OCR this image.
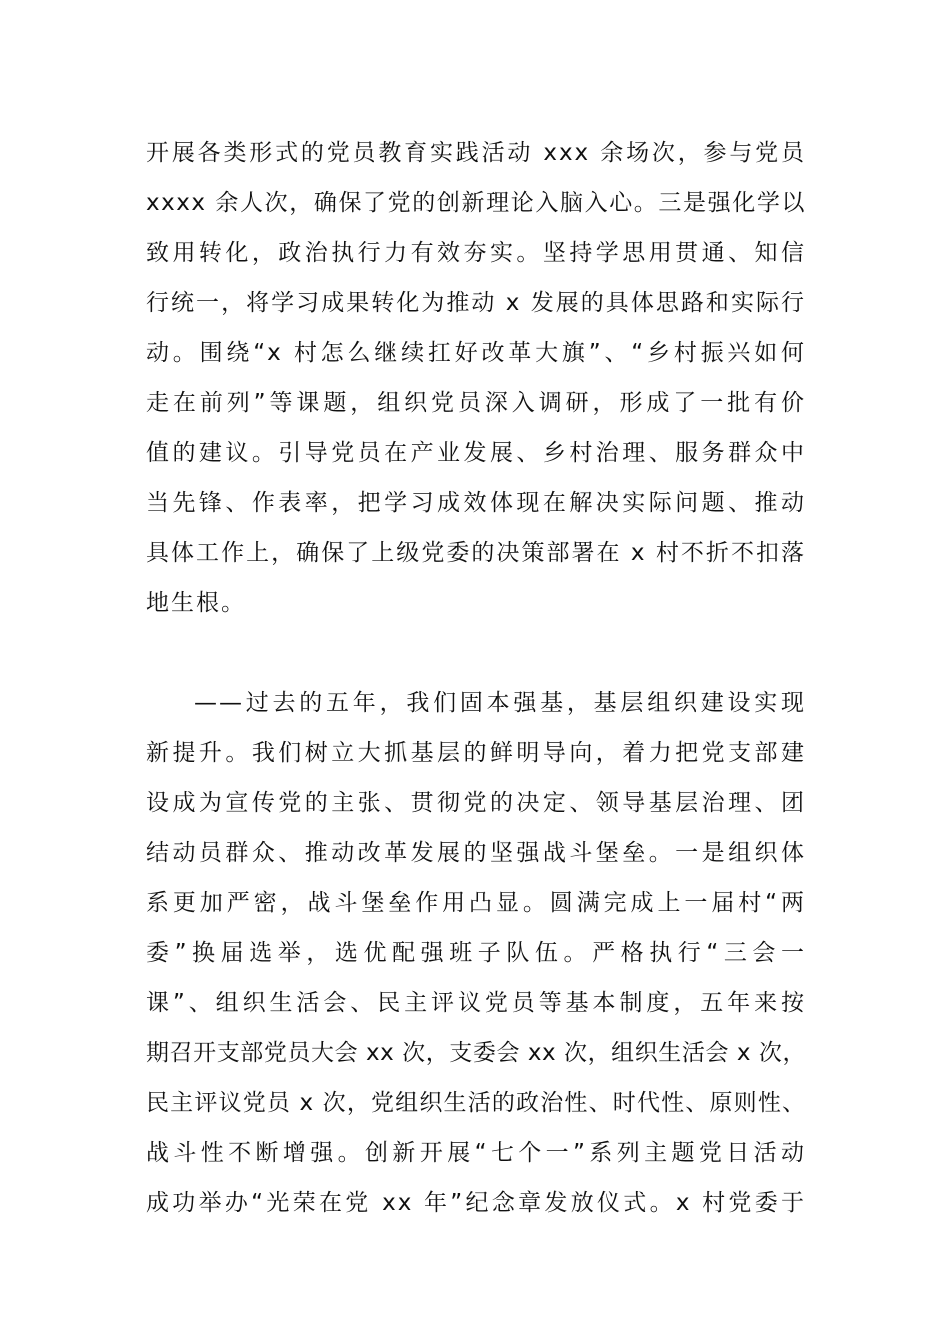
开展各类形式的党员教育实践活动 xxx 余场次，参与党员
xxxx 余人次，确保了党的创新理论入脑入心。三是强化学以
致用转化，政治执行力有效夯实。坚持学思用贯通、知信
行统一，将学习成果转化为推动 x 发展的具体思路和实际行
动。围绕“x 村怎么继续扛好改革大旗”、“乡村振兴如何
走在前列”等课题，组织党员深入调研，形成了一批有价
值的建议。引导党员在产业发展、乡村治理、服务群众中
当先锋、作表率，把学习成效体现在解决实际问题、推动
具体工作上，确保了上级党委的决策部署在 x 村不折不扣落
地生根。
——过去的五年，我们固本强基，基层组织建设实现
新提升。我们树立大抓基层的鲜明导向，着力把党支部建
设成为宣传党的主张、贯彻党的决定、领导基层治理、团
结动员群众、推动改革发展的坚强战斗堡垒。一是组织体
系更加严密，战斗堡垒作用凸显。圆满完成上一届村“两
委”换届选举，选优配强班子队伍。严格执行“三会一
课”、组织生活会、民主评议党员等基本制度，五年来按
期召开支部党员大会 xx 次，支委会 xx 次，组织生活会 x 次，
民主评议党员 x 次，党组织生活的政治性、时代性、原则性、
战斗性不断增强。创新开展“七个一”系列主题党日活动
成功举办“光荣在党 xx 年”纪念章发放仪式。x 村党委于
